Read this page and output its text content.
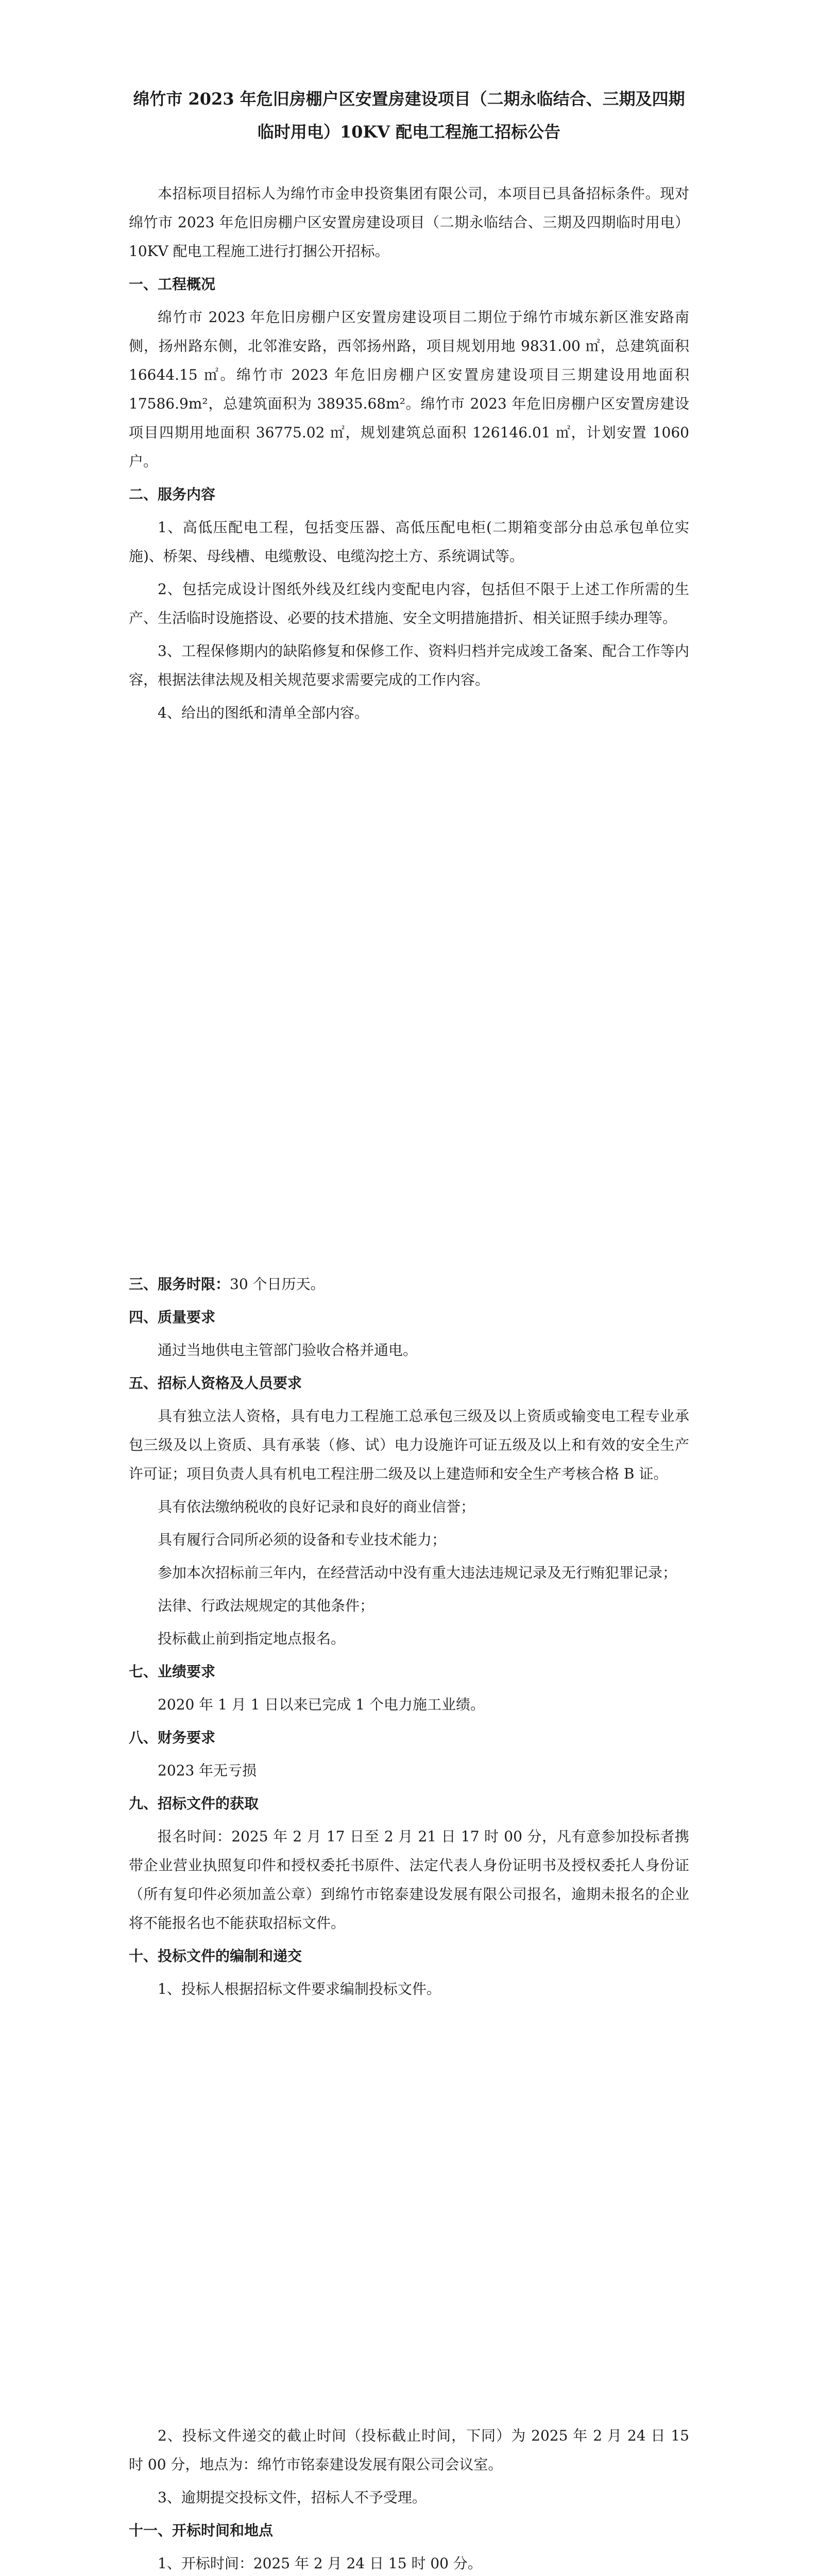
绵竹市 2023 年危旧房棚户区安置房建设项目（二期永临结合、三期及四期临时用电）10KV 配电工程施工招标公告

本招标项目招标人为绵竹市金申投资集团有限公司，本项目已具备招标条件。现对绵竹市 2023 年危旧房棚户区安置房建设项目（二期永临结合、三期及四期临时用电）10KV 配电工程施工进行打捆公开招标。

一、工程概况

绵竹市 2023 年危旧房棚户区安置房建设项目二期位于绵竹市城东新区淮安路南侧，扬州路东侧，北邻淮安路，西邻扬州路，项目规划用地 9831.00 ㎡，总建筑面积 16644.15 ㎡。绵竹市 2023 年危旧房棚户区安置房建设项目三期建设用地面积 17586.9m²，总建筑面积为 38935.68m²。绵竹市 2023 年危旧房棚户区安置房建设项目四期用地面积 36775.02 ㎡，规划建筑总面积 126146.01 ㎡，计划安置 1060 户。

二、服务内容

1、高低压配电工程，包括变压器、高低压配电柜(二期箱变部分由总承包单位实施)、桥架、母线槽、电缆敷设、电缆沟挖土方、系统调试等。

2、包括完成设计图纸外线及红线内变配电内容，包括但不限于上述工作所需的生产、生活临时设施搭设、必要的技术措施、安全文明措施措折、相关证照手续办理等。

3、工程保修期内的缺陷修复和保修工作、资料归档并完成竣工备案、配合工作等内容，根据法律法规及相关规范要求需要完成的工作内容。

4、给出的图纸和清单全部内容。

三、服务时限：30 个日历天。
四、质量要求

通过当地供电主管部门验收合格并通电。

五、招标人资格及人员要求

具有独立法人资格，具有电力工程施工总承包三级及以上资质或输变电工程专业承包三级及以上资质、具有承装（修、试）电力设施许可证五级及以上和有效的安全生产许可证；项目负责人具有机电工程注册二级及以上建造师和安全生产考核合格 B 证。

具有依法缴纳税收的良好记录和良好的商业信誉；

具有履行合同所必须的设备和专业技术能力；

参加本次招标前三年内，在经营活动中没有重大违法违规记录及无行贿犯罪记录；

法律、行政法规规定的其他条件；

投标截止前到指定地点报名。

七、业绩要求

2020 年 1 月 1 日以来已完成 1 个电力施工业绩。

八、财务要求

2023 年无亏损

九、招标文件的获取

报名时间：2025 年 2 月 17 日至 2 月 21 日 17 时 00 分，凡有意参加投标者携带企业营业执照复印件和授权委托书原件、法定代表人身份证明书及授权委托人身份证（所有复印件必须加盖公章）到绵竹市铭泰建设发展有限公司报名，逾期未报名的企业将不能报名也不能获取招标文件。

十、投标文件的编制和递交

1、投标人根据招标文件要求编制投标文件。

2、投标文件递交的截止时间（投标截止时间，下同）为 2025 年 2 月 24 日 15 时 00 分，地点为：绵竹市铭泰建设发展有限公司会议室。

3、逾期提交投标文件，招标人不予受理。

十一、开标时间和地点

1、开标时间：2025 年 2 月 24 日 15 时 00 分。
